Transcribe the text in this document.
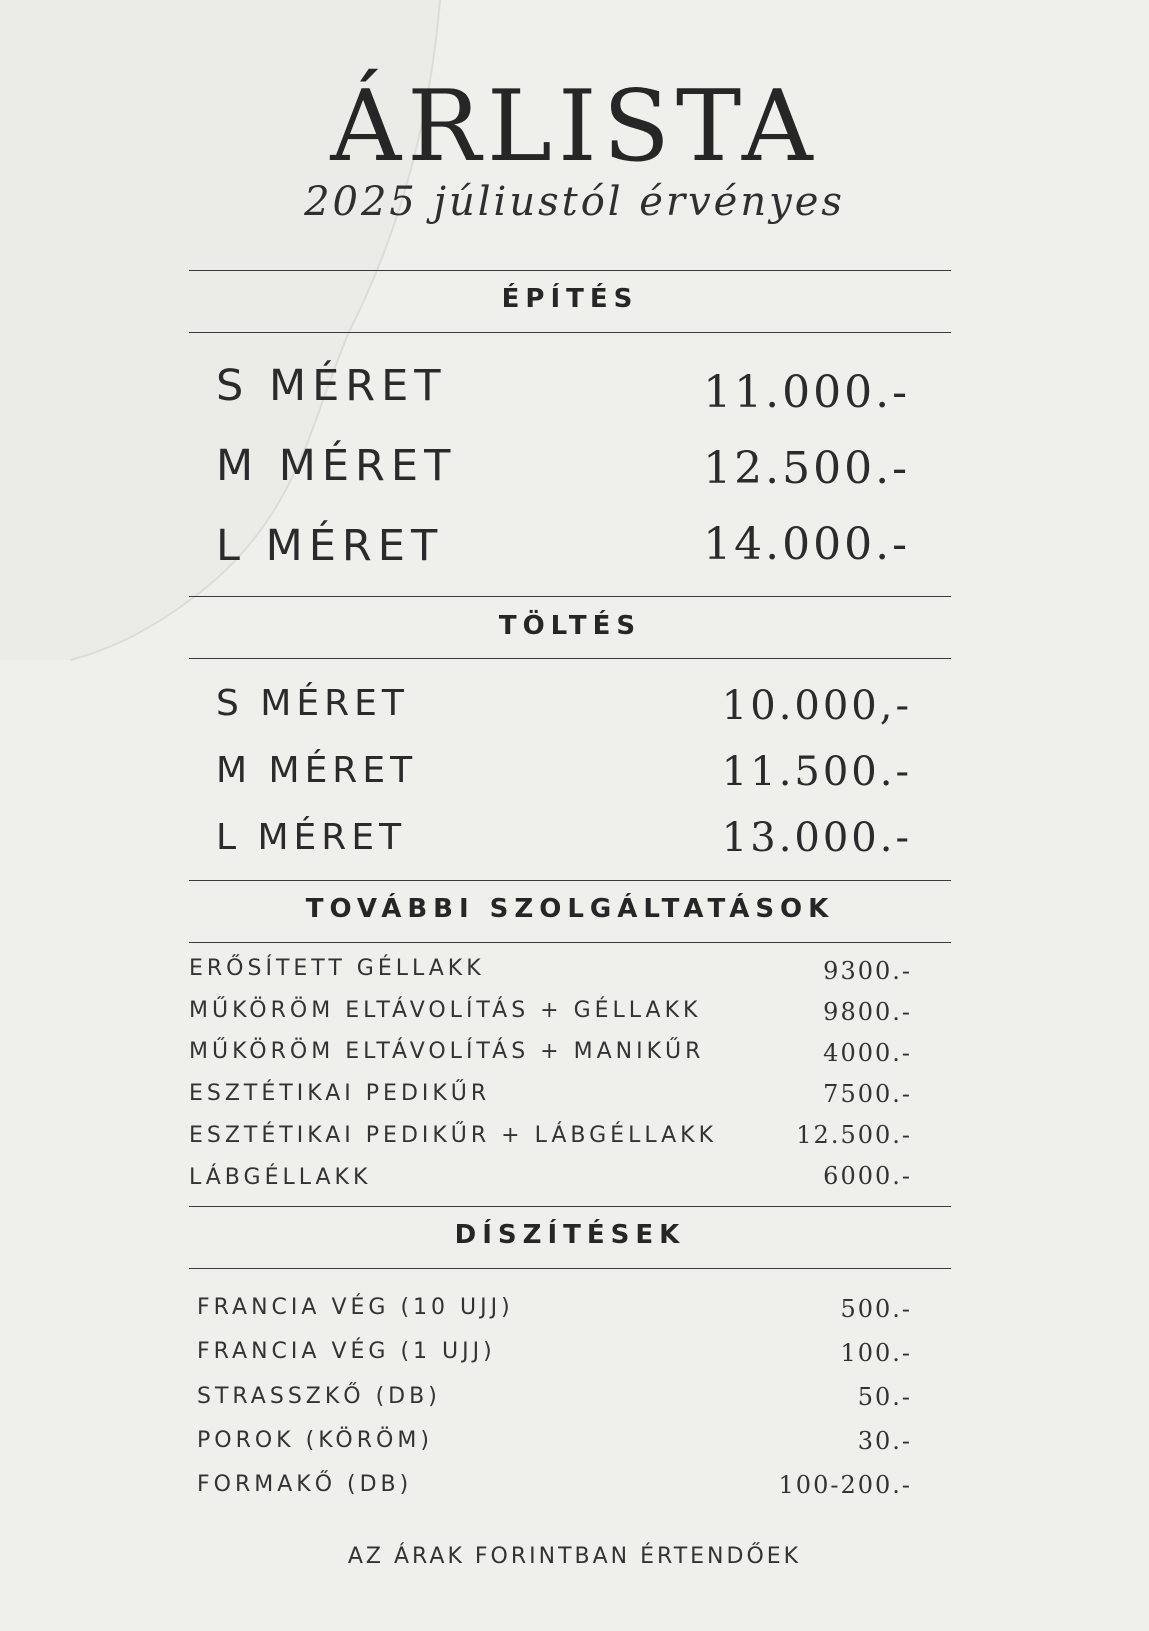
ÁRLISTA
2025 júliustól érvényes
ÉPÍTÉS
S MÉRET	11.000.-
M MÉRET	12.500.-
L MÉRET	14.000.-
TÖLTÉS
S MÉRET	10.000,-
M MÉRET	11.500.-
L MÉRET	13.000.-
TOVÁBBI SZOLGÁLTATÁSOK
ERŐSÍTETT GÉLLAKK	9300.-
MŰKÖRÖM ELTÁVOLÍTÁS + GÉLLAKK	9800.-
MŰKÖRÖM ELTÁVOLÍTÁS + MANIKŰR	4000.-
ESZTÉTIKAI PEDIKŰR	7500.-
ESZTÉTIKAI PEDIKŰR + LÁBGÉLLAKK	12.500.-
LÁBGÉLLAKK	6000.-
DÍSZÍTÉSEK
FRANCIA VÉG (10 UJJ)	500.-
FRANCIA VÉG (1 UJJ)	100.-
STRASSZKŐ (DB)	50.-
POROK (KÖRÖM)	30.-
FORMAKŐ (DB)	100-200.-
AZ ÁRAK FORINTBAN ÉRTENDŐEK
